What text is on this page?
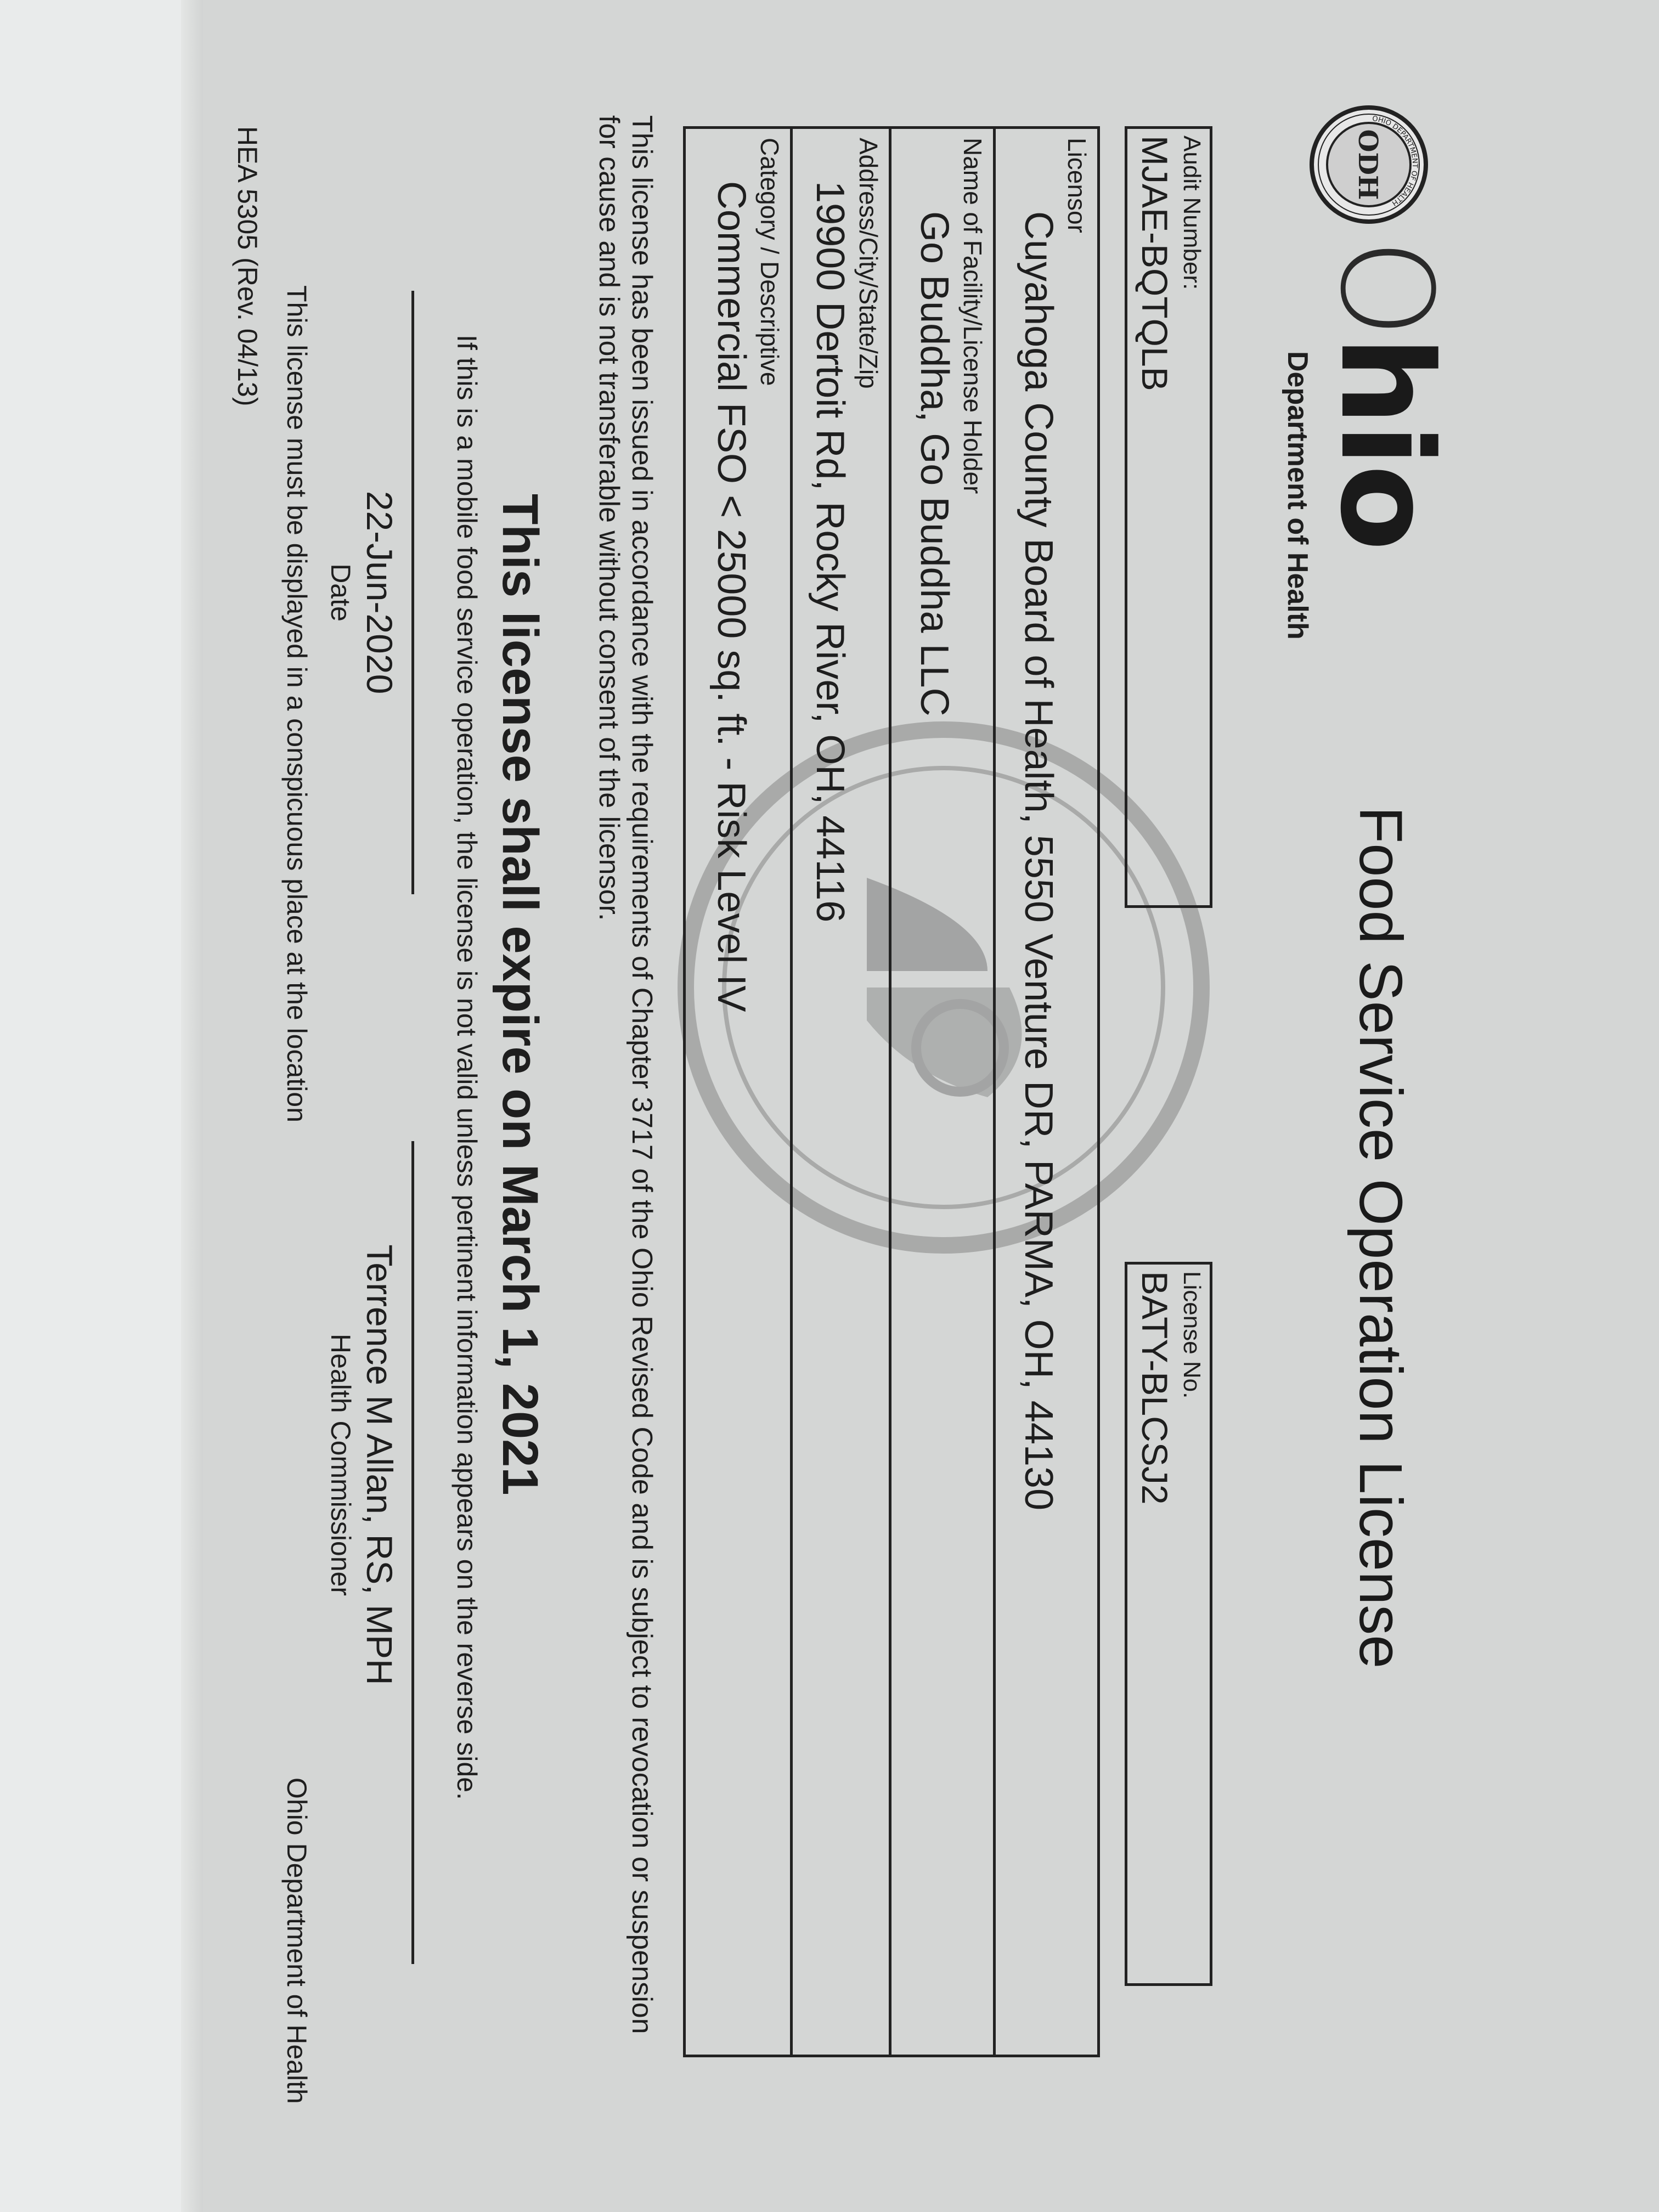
ODH
OHIO DEPARTMENT OF HEALTH
Ohio
Department of Health
Food Service Operation License
Audit Number:
MJAE-BQTQLB
License No.
BATY-BLCSJ2
Licensor
Cuyahoga County Board of Health, 5550 Venture DR, PARMA, OH, 44130
Name of Facility/License Holder
Go Buddha, Go Buddha LLC
Address/City/State/Zip
19900 Dertoit Rd, Rocky River, OH, 44116
Category / Descriptive
Commercial FSO < 25000 sq. ft. - Risk Level IV
This license has been issued in accordance with the requirements of Chapter 3717 of the Ohio Revised Code and is subject to revocation or suspension
for cause and is not transferable without consent of the licensor.
This license shall expire on March 1, 2021
If this is a mobile food service operation, the license is not valid unless pertinent information appears on the reverse side.
22-Jun-2020
Date
Terrence M Allan, RS, MPH
Health Commissioner
HEA 5305 (Rev. 04/13)
This license must be displayed in a conspicuous place at the location
Ohio Department of Health
